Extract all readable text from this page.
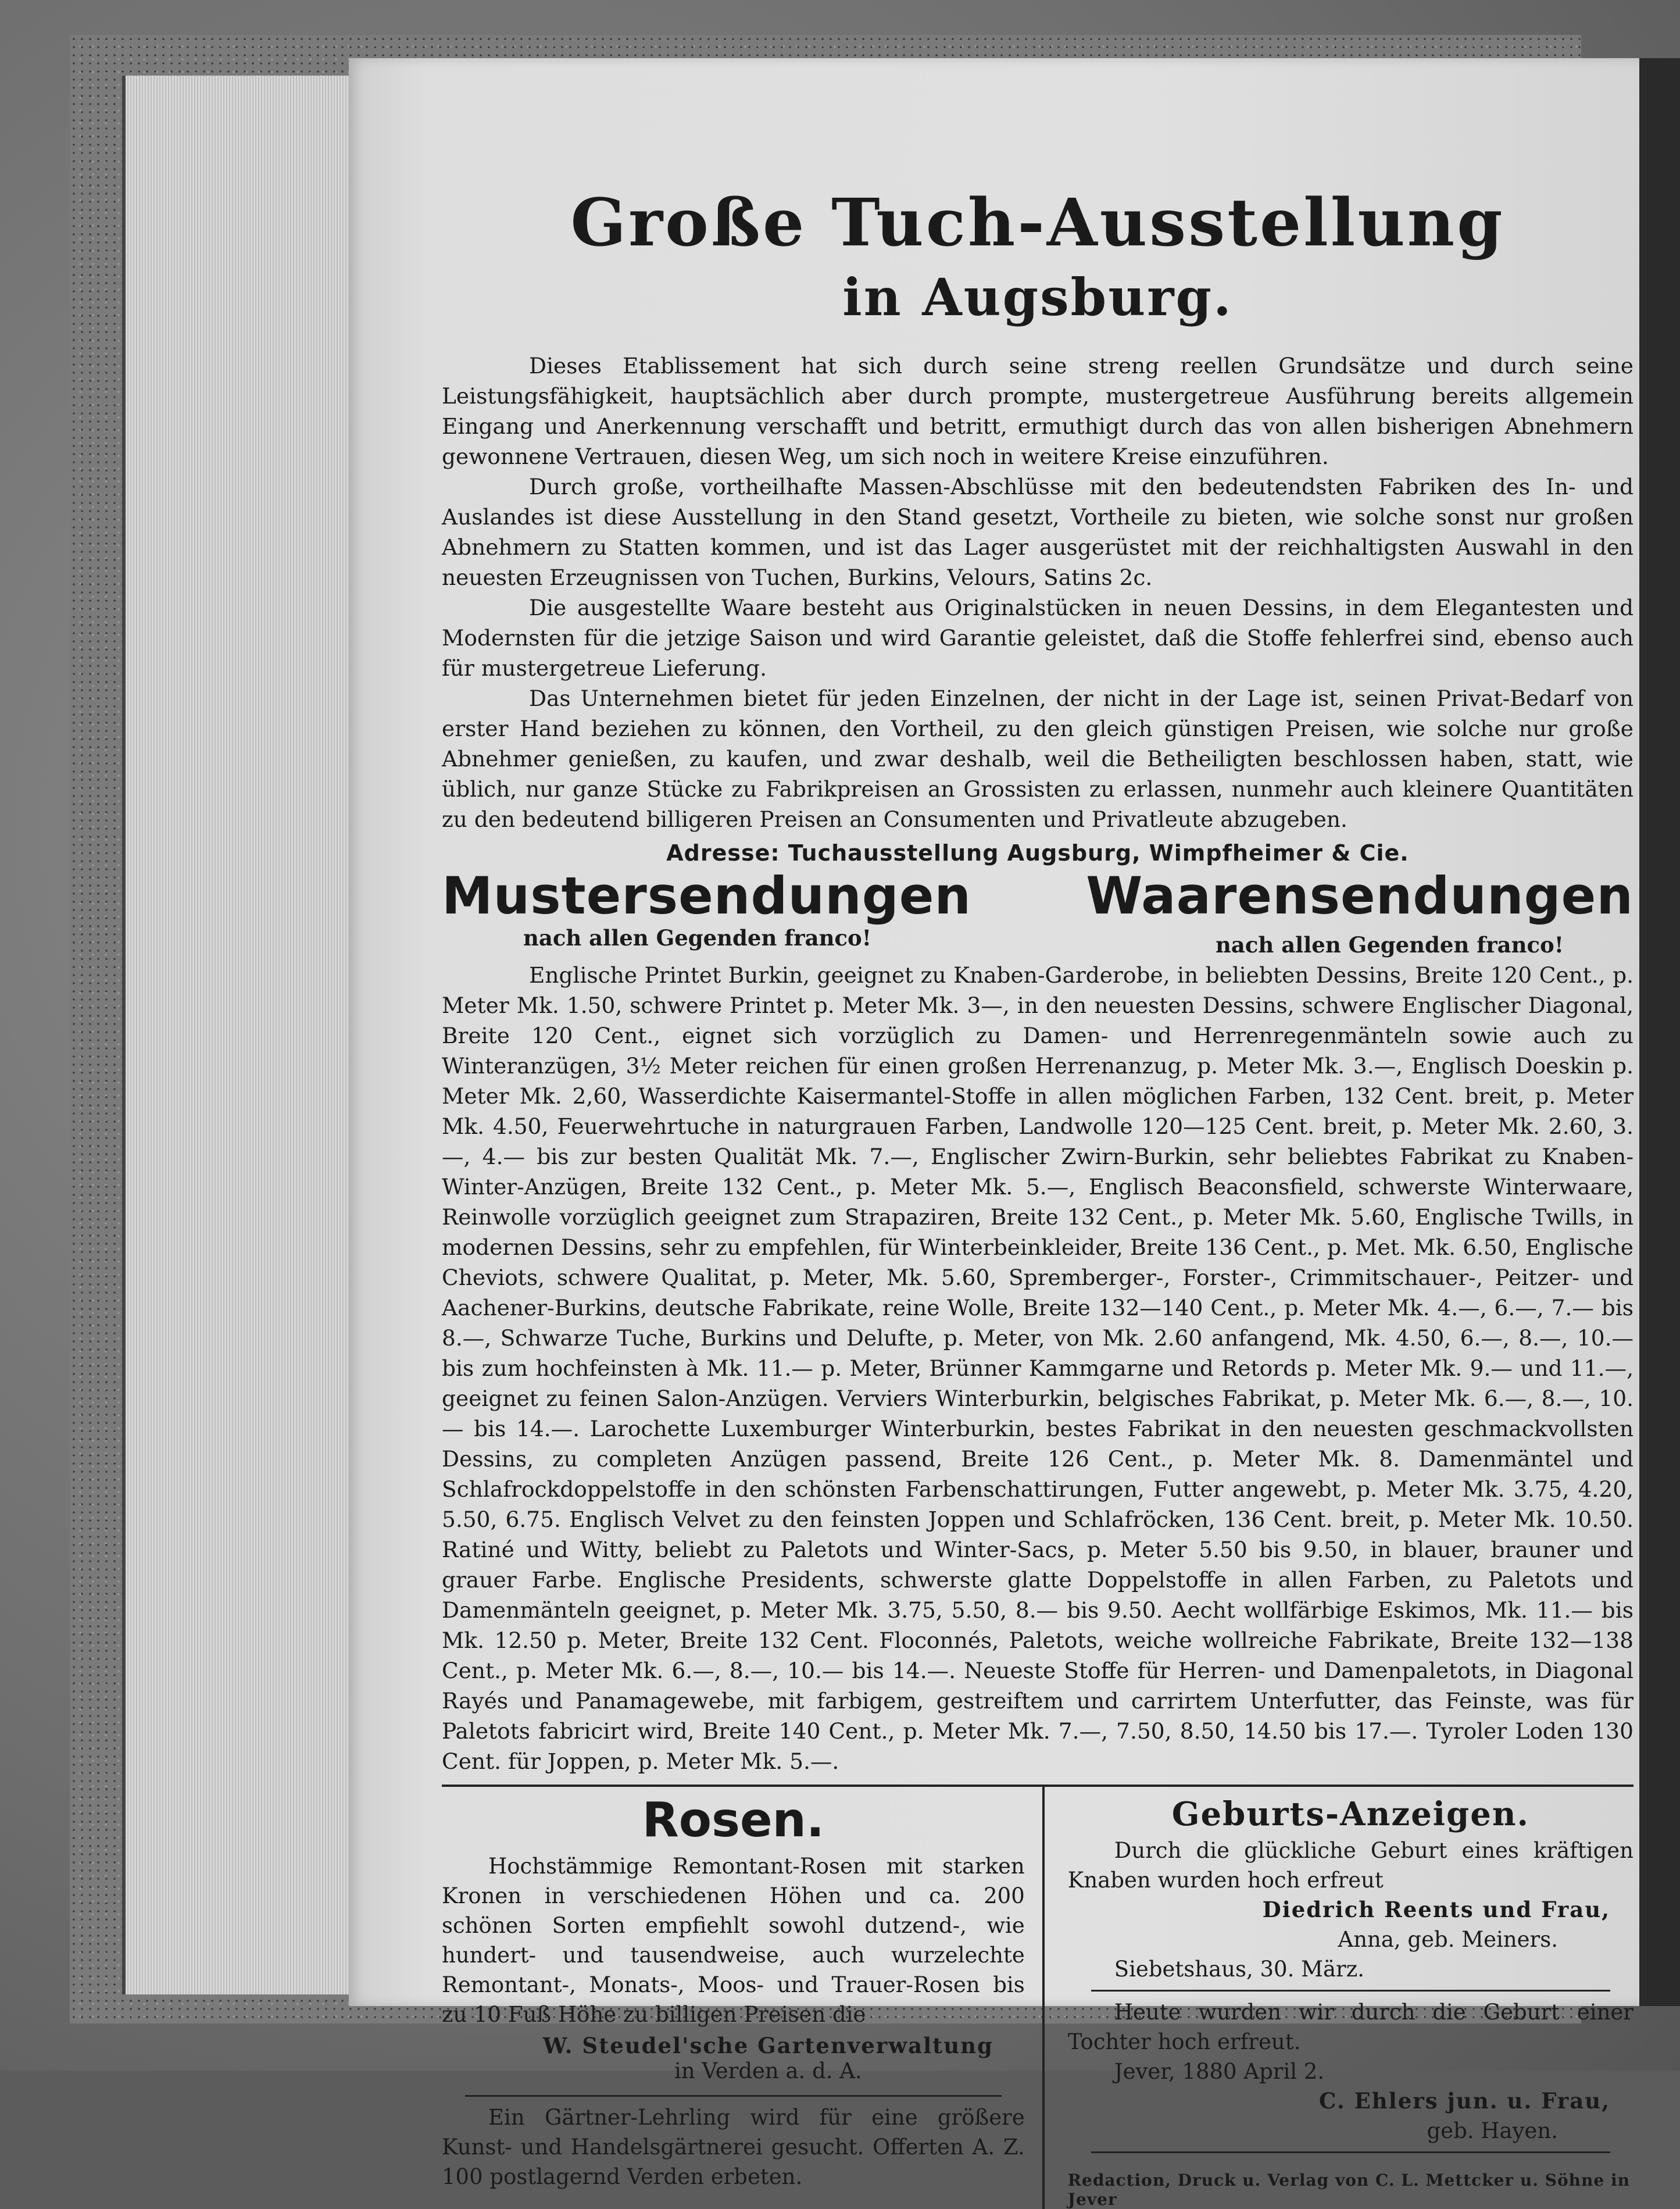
Große Tuch-Ausstellung
in Augsburg.

Dieses Etablissement hat sich durch seine streng reellen Grundsätze und durch seine Leistungsfähigkeit, hauptsächlich aber durch prompte, mustergetreue Ausführung bereits allgemein Eingang und Anerkennung verschafft und betritt, ermuthigt durch das von allen bisherigen Abnehmern gewonnene Vertrauen, diesen Weg, um sich noch in weitere Kreise einzuführen.

Durch große, vortheilhafte Massen-Abschlüsse mit den bedeutendsten Fabriken des In- und Auslandes ist diese Ausstellung in den Stand gesetzt, Vortheile zu bieten, wie solche sonst nur großen Abnehmern zu Statten kommen, und ist das Lager ausgerüstet mit der reichhaltigsten Auswahl in den neuesten Erzeugnissen von Tuchen, Burkins, Velours, Satins 2c.

Die ausgestellte Waare besteht aus Originalstücken in neuen Dessins, in dem Elegantesten und Modernsten für die jetzige Saison und wird Garantie geleistet, daß die Stoffe fehlerfrei sind, ebenso auch für mustergetreue Lieferung.

Das Unternehmen bietet für jeden Einzelnen, der nicht in der Lage ist, seinen Privat-Bedarf von erster Hand beziehen zu können, den Vortheil, zu den gleich günstigen Preisen, wie solche nur große Abnehmer genießen, zu kaufen, und zwar deshalb, weil die Betheiligten beschlossen haben, statt, wie üblich, nur ganze Stücke zu Fabrikpreisen an Grossisten zu erlassen, nunmehr auch kleinere Quantitäten zu den bedeutend billigeren Preisen an Consumenten und Privatleute abzugeben.

Adresse: Tuchausstellung Augsburg, Wimpfheimer & Cie.
Mustersendungen Waarensendungen
nach allen Gegenden franco!	nach allen Gegenden franco!

Englische Printet Burkin, geeignet zu Knaben-Garderobe, in beliebten Dessins, Breite 120 Cent., p. Meter Mk. 1.50, schwere Printet p. Meter Mk. 3—, in den neuesten Dessins, schwere Englischer Diagonal, Breite 120 Cent., eignet sich vorzüglich zu Damen- und Herrenregenmänteln sowie auch zu Winteranzügen, 3½ Meter reichen für einen großen Herrenanzug, p. Meter Mk. 3.—, Englisch Doeskin p. Meter Mk. 2,60, Wasserdichte Kaisermantel-Stoffe in allen möglichen Farben, 132 Cent. breit, p. Meter Mk. 4.50, Feuerwehrtuche in naturgrauen Farben, Landwolle 120—125 Cent. breit, p. Meter Mk. 2.60, 3.—, 4.— bis zur besten Qualität Mk. 7.—, Englischer Zwirn-Burkin, sehr beliebtes Fabrikat zu Knaben-Winter-Anzügen, Breite 132 Cent., p. Meter Mk. 5.—, Englisch Beaconsfield, schwerste Winterwaare, Reinwolle vorzüglich geeignet zum Strapaziren, Breite 132 Cent., p. Meter Mk. 5.60, Englische Twills, in modernen Dessins, sehr zu empfehlen, für Winterbeinkleider, Breite 136 Cent., p. Met. Mk. 6.50, Englische Cheviots, schwere Qualitat, p. Meter, Mk. 5.60, Spremberger-, Forster-, Crimmitschauer-, Peitzer- und Aachener-Burkins, deutsche Fabrikate, reine Wolle, Breite 132—140 Cent., p. Meter Mk. 4.—, 6.—, 7.— bis 8.—, Schwarze Tuche, Burkins und Delufte, p. Meter, von Mk. 2.60 anfangend, Mk. 4.50, 6.—, 8.—, 10.— bis zum hochfeinsten à Mk. 11.— p. Meter, Brünner Kammgarne und Retords p. Meter Mk. 9.— und 11.—, geeignet zu feinen Salon-Anzügen. Verviers Winterburkin, belgisches Fabrikat, p. Meter Mk. 6.—, 8.—, 10.— bis 14.—. Larochette Luxemburger Winterburkin, bestes Fabrikat in den neuesten geschmackvollsten Dessins, zu completen Anzügen passend, Breite 126 Cent., p. Meter Mk. 8. Damenmäntel und Schlafrockdoppelstoffe in den schönsten Farbenschattirungen, Futter angewebt, p. Meter Mk. 3.75, 4.20, 5.50, 6.75. Englisch Velvet zu den feinsten Joppen und Schlafröcken, 136 Cent. breit, p. Meter Mk. 10.50. Ratiné und Witty, beliebt zu Paletots und Winter-Sacs, p. Meter 5.50 bis 9.50, in blauer, brauner und grauer Farbe. Englische Presidents, schwerste glatte Doppelstoffe in allen Farben, zu Paletots und Damenmänteln geeignet, p. Meter Mk. 3.75, 5.50, 8.— bis 9.50. Aecht wollfärbige Eskimos, Mk. 11.— bis Mk. 12.50 p. Meter, Breite 132 Cent. Floconnés, Paletots, weiche wollreiche Fabrikate, Breite 132—138 Cent., p. Meter Mk. 6.—, 8.—, 10.— bis 14.—. Neueste Stoffe für Herren- und Damenpaletots, in Diagonal Rayés und Panamagewebe, mit farbigem, gestreiftem und carrirtem Unterfutter, das Feinste, was für Paletots fabricirt wird, Breite 140 Cent., p. Meter Mk. 7.—, 7.50, 8.50, 14.50 bis 17.—. Tyroler Loden 130 Cent. für Joppen, p. Meter Mk. 5.—.

Rosen.

Hochstämmige Remontant-Rosen mit starken Kronen in verschiedenen Höhen und ca. 200 schönen Sorten empfiehlt sowohl dutzend-, wie hundert- und tausendweise, auch wurzelechte Remontant-, Monats-, Moos- und Trauer-Rosen bis zu 10 Fuß Höhe zu billigen Preisen die

W. Steudel'sche Gartenverwaltung
in Verden a. d. A.

Ein Gärtner-Lehrling wird für eine größere Kunst- und Handelsgärtnerei gesucht. Offerten A. Z. 100 postlagernd Verden erbeten.

Geburts-Anzeigen.

Durch die glückliche Geburt eines kräftigen Knaben wurden hoch erfreut

Diedrich Reents und Frau,
Anna, geb. Meiners.
Siebetshaus, 30. März.

Heute wurden wir durch die Geburt einer Tochter hoch erfreut.

Jever, 1880 April 2.
C. Ehlers jun. u. Frau,
geb. Hayen.
Redaction, Druck u. Verlag von C. L. Mettcker u. Söhne in Jever
